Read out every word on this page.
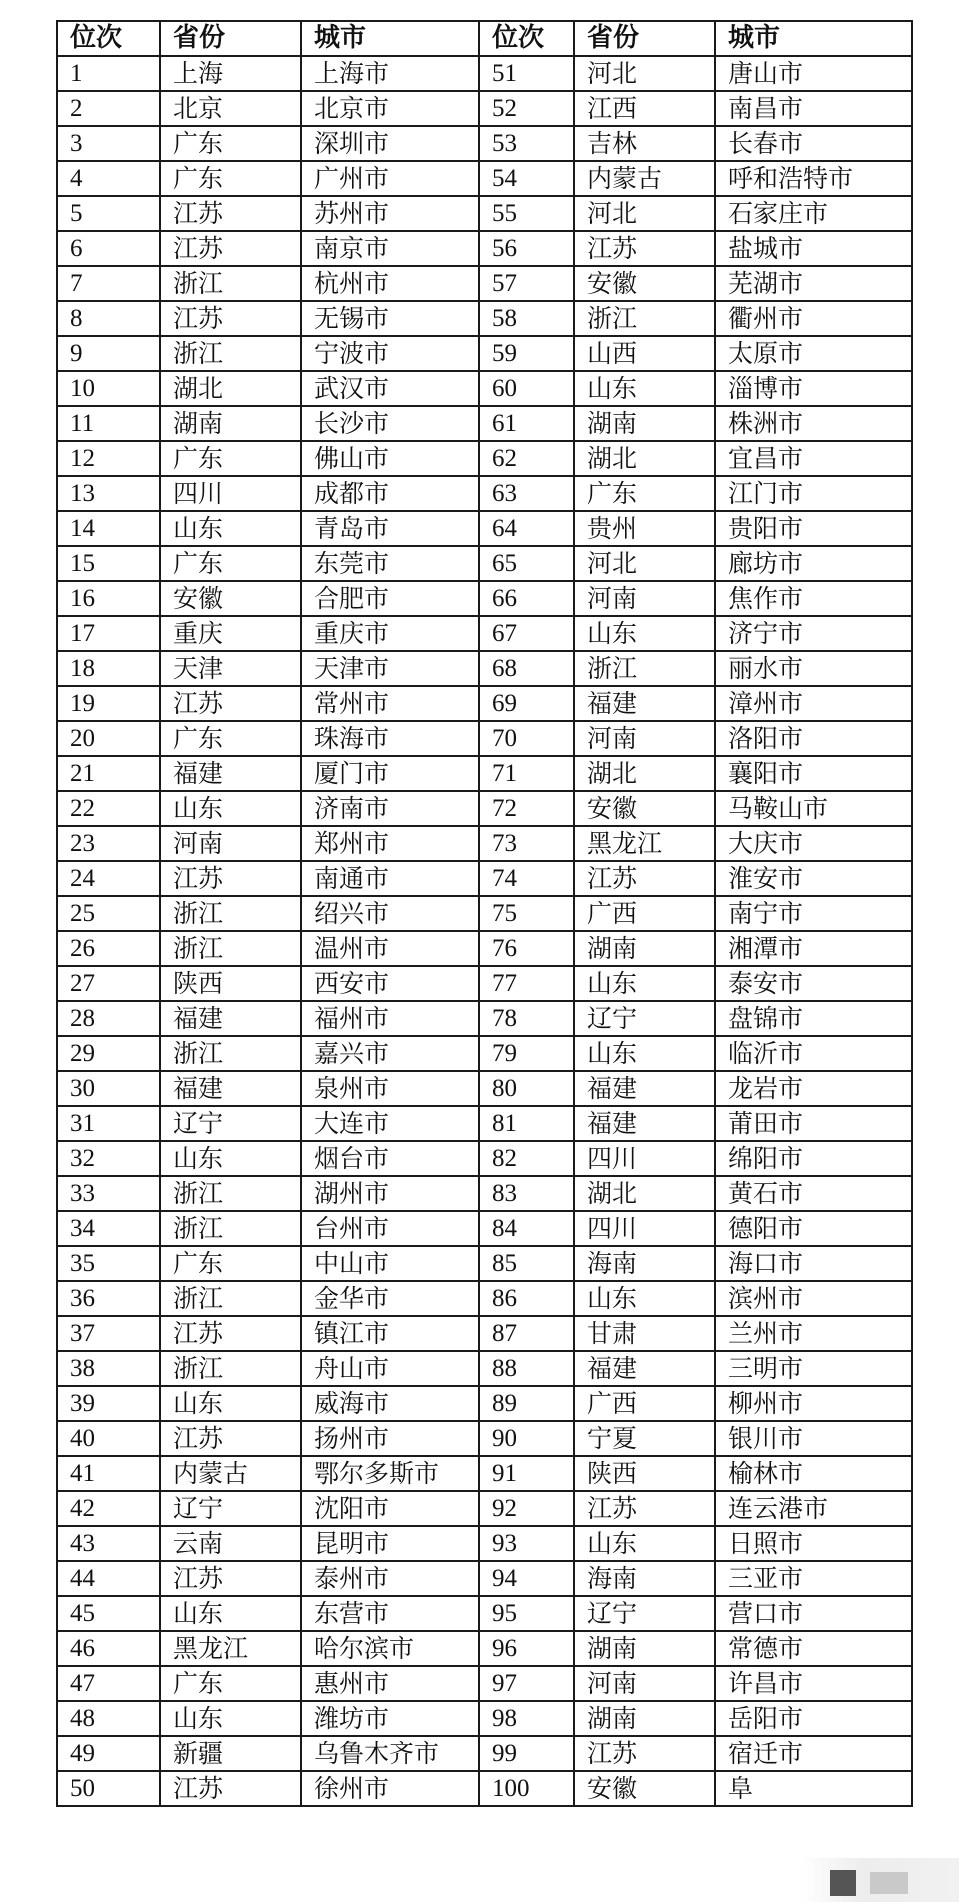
位次	省份	城市	位次	省份	城市
1	上海	上海市	51	河北	唐山市
2	北京	北京市	52	江西	南昌市
3	广东	深圳市	53	吉林	长春市
4	广东	广州市	54	内蒙古	呼和浩特市
5	江苏	苏州市	55	河北	石家庄市
6	江苏	南京市	56	江苏	盐城市
7	浙江	杭州市	57	安徽	芜湖市
8	江苏	无锡市	58	浙江	衢州市
9	浙江	宁波市	59	山西	太原市
10	湖北	武汉市	60	山东	淄博市
11	湖南	长沙市	61	湖南	株洲市
12	广东	佛山市	62	湖北	宜昌市
13	四川	成都市	63	广东	江门市
14	山东	青岛市	64	贵州	贵阳市
15	广东	东莞市	65	河北	廊坊市
16	安徽	合肥市	66	河南	焦作市
17	重庆	重庆市	67	山东	济宁市
18	天津	天津市	68	浙江	丽水市
19	江苏	常州市	69	福建	漳州市
20	广东	珠海市	70	河南	洛阳市
21	福建	厦门市	71	湖北	襄阳市
22	山东	济南市	72	安徽	马鞍山市
23	河南	郑州市	73	黑龙江	大庆市
24	江苏	南通市	74	江苏	淮安市
25	浙江	绍兴市	75	广西	南宁市
26	浙江	温州市	76	湖南	湘潭市
27	陕西	西安市	77	山东	泰安市
28	福建	福州市	78	辽宁	盘锦市
29	浙江	嘉兴市	79	山东	临沂市
30	福建	泉州市	80	福建	龙岩市
31	辽宁	大连市	81	福建	莆田市
32	山东	烟台市	82	四川	绵阳市
33	浙江	湖州市	83	湖北	黄石市
34	浙江	台州市	84	四川	德阳市
35	广东	中山市	85	海南	海口市
36	浙江	金华市	86	山东	滨州市
37	江苏	镇江市	87	甘肃	兰州市
38	浙江	舟山市	88	福建	三明市
39	山东	威海市	89	广西	柳州市
40	江苏	扬州市	90	宁夏	银川市
41	内蒙古	鄂尔多斯市	91	陕西	榆林市
42	辽宁	沈阳市	92	江苏	连云港市
43	云南	昆明市	93	山东	日照市
44	江苏	泰州市	94	海南	三亚市
45	山东	东营市	95	辽宁	营口市
46	黑龙江	哈尔滨市	96	湖南	常德市
47	广东	惠州市	97	河南	许昌市
48	山东	潍坊市	98	湖南	岳阳市
49	新疆	乌鲁木齐市	99	江苏	宿迁市
50	江苏	徐州市	100	安徽	阜
